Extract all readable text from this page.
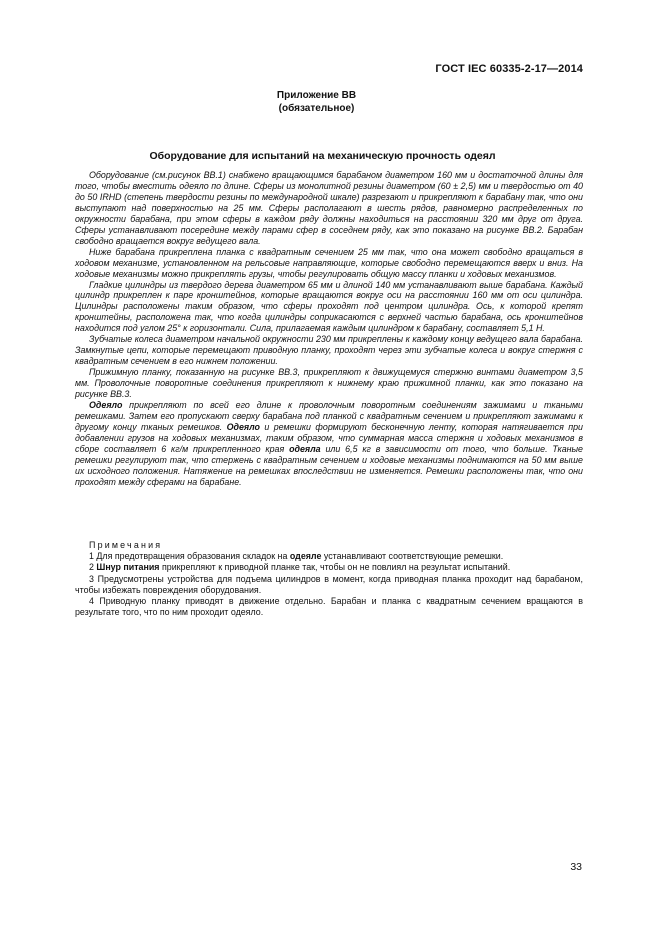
ГОСТ IEC 60335-2-17—2014
Приложение ВВ
(обязательное)
Оборудование для испытаний на механическую прочность одеял

Оборудование (см.рисунок ВВ.1) снабжено вращающимся барабаном диаметром 160 мм и достаточной длины для того, чтобы вместить одеяло по длине. Сферы из монолитной резины диаметром (60 ± 2,5) мм и твердостью от 40 до 50 IRHD (степень твердости резины по международной шкале) разрезают и прикрепляют к барабану так, что они выступают над поверхностью на 25 мм. Сферы располагают в шесть рядов, равномерно распределенных по окружности барабана, при этом сферы в каждом ряду должны находиться на расстоянии 320 мм друг от друга. Сферы устанавливают посередине между парами сфер в соседнем ряду, как это показано на рисунке ВВ.2. Барабан свободно вращается вокруг ведущего вала.

Ниже барабана прикреплена планка с квадратным сечением 25 мм так, что она может свободно вращаться в ходовом механизме, установленном на рельсовые направляющие, которые свободно перемещаются вверх и вниз. На ходовые механизмы можно прикреплять грузы, чтобы регулировать общую массу планки и ходовых механизмов.

Гладкие цилиндры из твердого дерева диаметром 65 мм и длиной 140 мм устанавливают выше барабана. Каждый цилиндр прикреплен к паре кронштейнов, которые вращаются вокруг оси на расстоянии 160 мм от оси цилиндра. Цилиндры расположены таким образом, что сферы проходят под центром цилиндра. Ось, к которой крепят кронштейны, расположена так, что когда цилиндры соприкасаются с верхней частью барабана, ось кронштейнов находится под углом 25° к горизонтали. Сила, прилагаемая каждым цилиндром к барабану, составляет 5,1 Н.

Зубчатые колеса диаметром начальной окружности 230 мм прикреплены к каждому концу ведущего вала барабана. Замкнутые цепи, которые перемещают приводную планку, проходят через эти зубчатые колеса и вокруг стержня с квадратным сечением в его нижнем положении.

Прижимную планку, показанную на рисунке ВВ.3, прикрепляют к движущемуся стержню винтами диаметром 3,5 мм. Проволочные поворотные соединения прикрепляют к нижнему краю прижимной планки, как это показано на рисунке ВВ.3.

Одеяло прикрепляют по всей его длине к проволочным поворотным соединениям зажимами и ткаными ремешками. Затем его пропускают сверху барабана под планкой с квадратным сечением и прикрепляют зажимами к другому концу тканых ремешков. Одеяло и ремешки формируют бесконечную ленту, которая натягивается при добавлении грузов на ходовых механизмах, таким образом, что суммарная масса стержня и ходовых механизмов в сборе составляет 6 кг/м прикрепленного края одеяла или 6,5 кг в зависимости от того, что больше. Тканые ремешки регулируют так, что стержень с квадратным сечением и ходовые механизмы поднимаются на 50 мм выше их исходного положения. Натяжение на ремешках впоследствии не изменяется. Ремешки расположены так, что они проходят между сферами на барабане.

Примечания

1 Для предотвращения образования складок на одеяле устанавливают соответствующие ремешки.

2 Шнур питания прикрепляют к приводной планке так, чтобы он не повлиял на результат испытаний.

3 Предусмотрены устройства для подъема цилиндров в момент, когда приводная планка проходит над барабаном, чтобы избежать повреждения оборудования.

4 Приводную планку приводят в движение отдельно. Барабан и планка с квадратным сечением вращаются в результате того, что по ним проходит одеяло.

33
